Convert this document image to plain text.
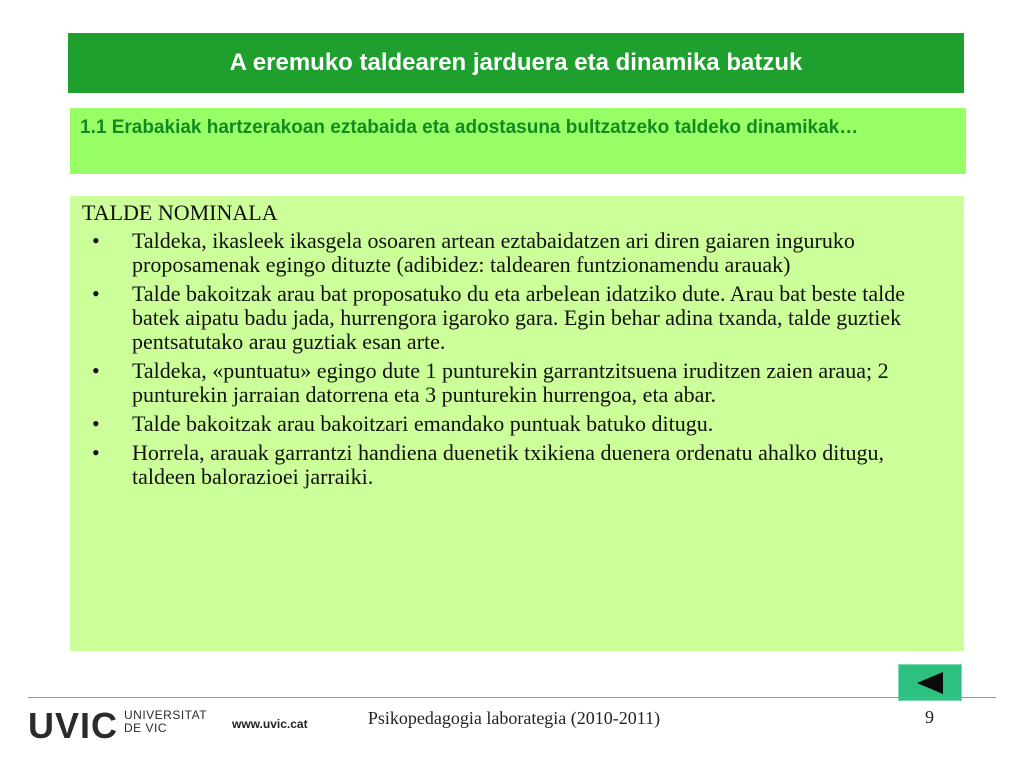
A eremuko taldearen jarduera eta dinamika batzuk
1.1 Erabakiak hartzerakoan eztabaida eta adostasuna bultzatzeko taldeko dinamikak…
TALDE NOMINALA
• Taldeka, ikasleek ikasgela osoaren artean eztabaidatzen ari diren gaiaren inguruko proposamenak egingo dituzte (adibidez: taldearen funtzionamendu arauak)
• Talde bakoitzak arau bat proposatuko du eta arbelean idatziko dute. Arau bat beste talde batek aipatu badu jada, hurrengora igaroko gara. Egin behar adina txanda, talde guztiek pentsatutako arau guztiak esan arte.
• Taldeka, «puntuatu» egingo dute 1 punturekin garrantzitsuena iruditzen zaien araua; 2 punturekin jarraian datorrena eta 3 punturekin hurrengoa, eta abar.
• Talde bakoitzak arau bakoitzari emandako puntuak batuko ditugu.
• Horrela, arauak garrantzi handiena duenetik txikiena duenera ordenatu ahalko ditugu, taldeen balorazioei jarraiki.
UVIC UNIVERSITAT
DE VIC	www.uvic.cat	Psikopedagogia laborategia (2010-2011)	9
